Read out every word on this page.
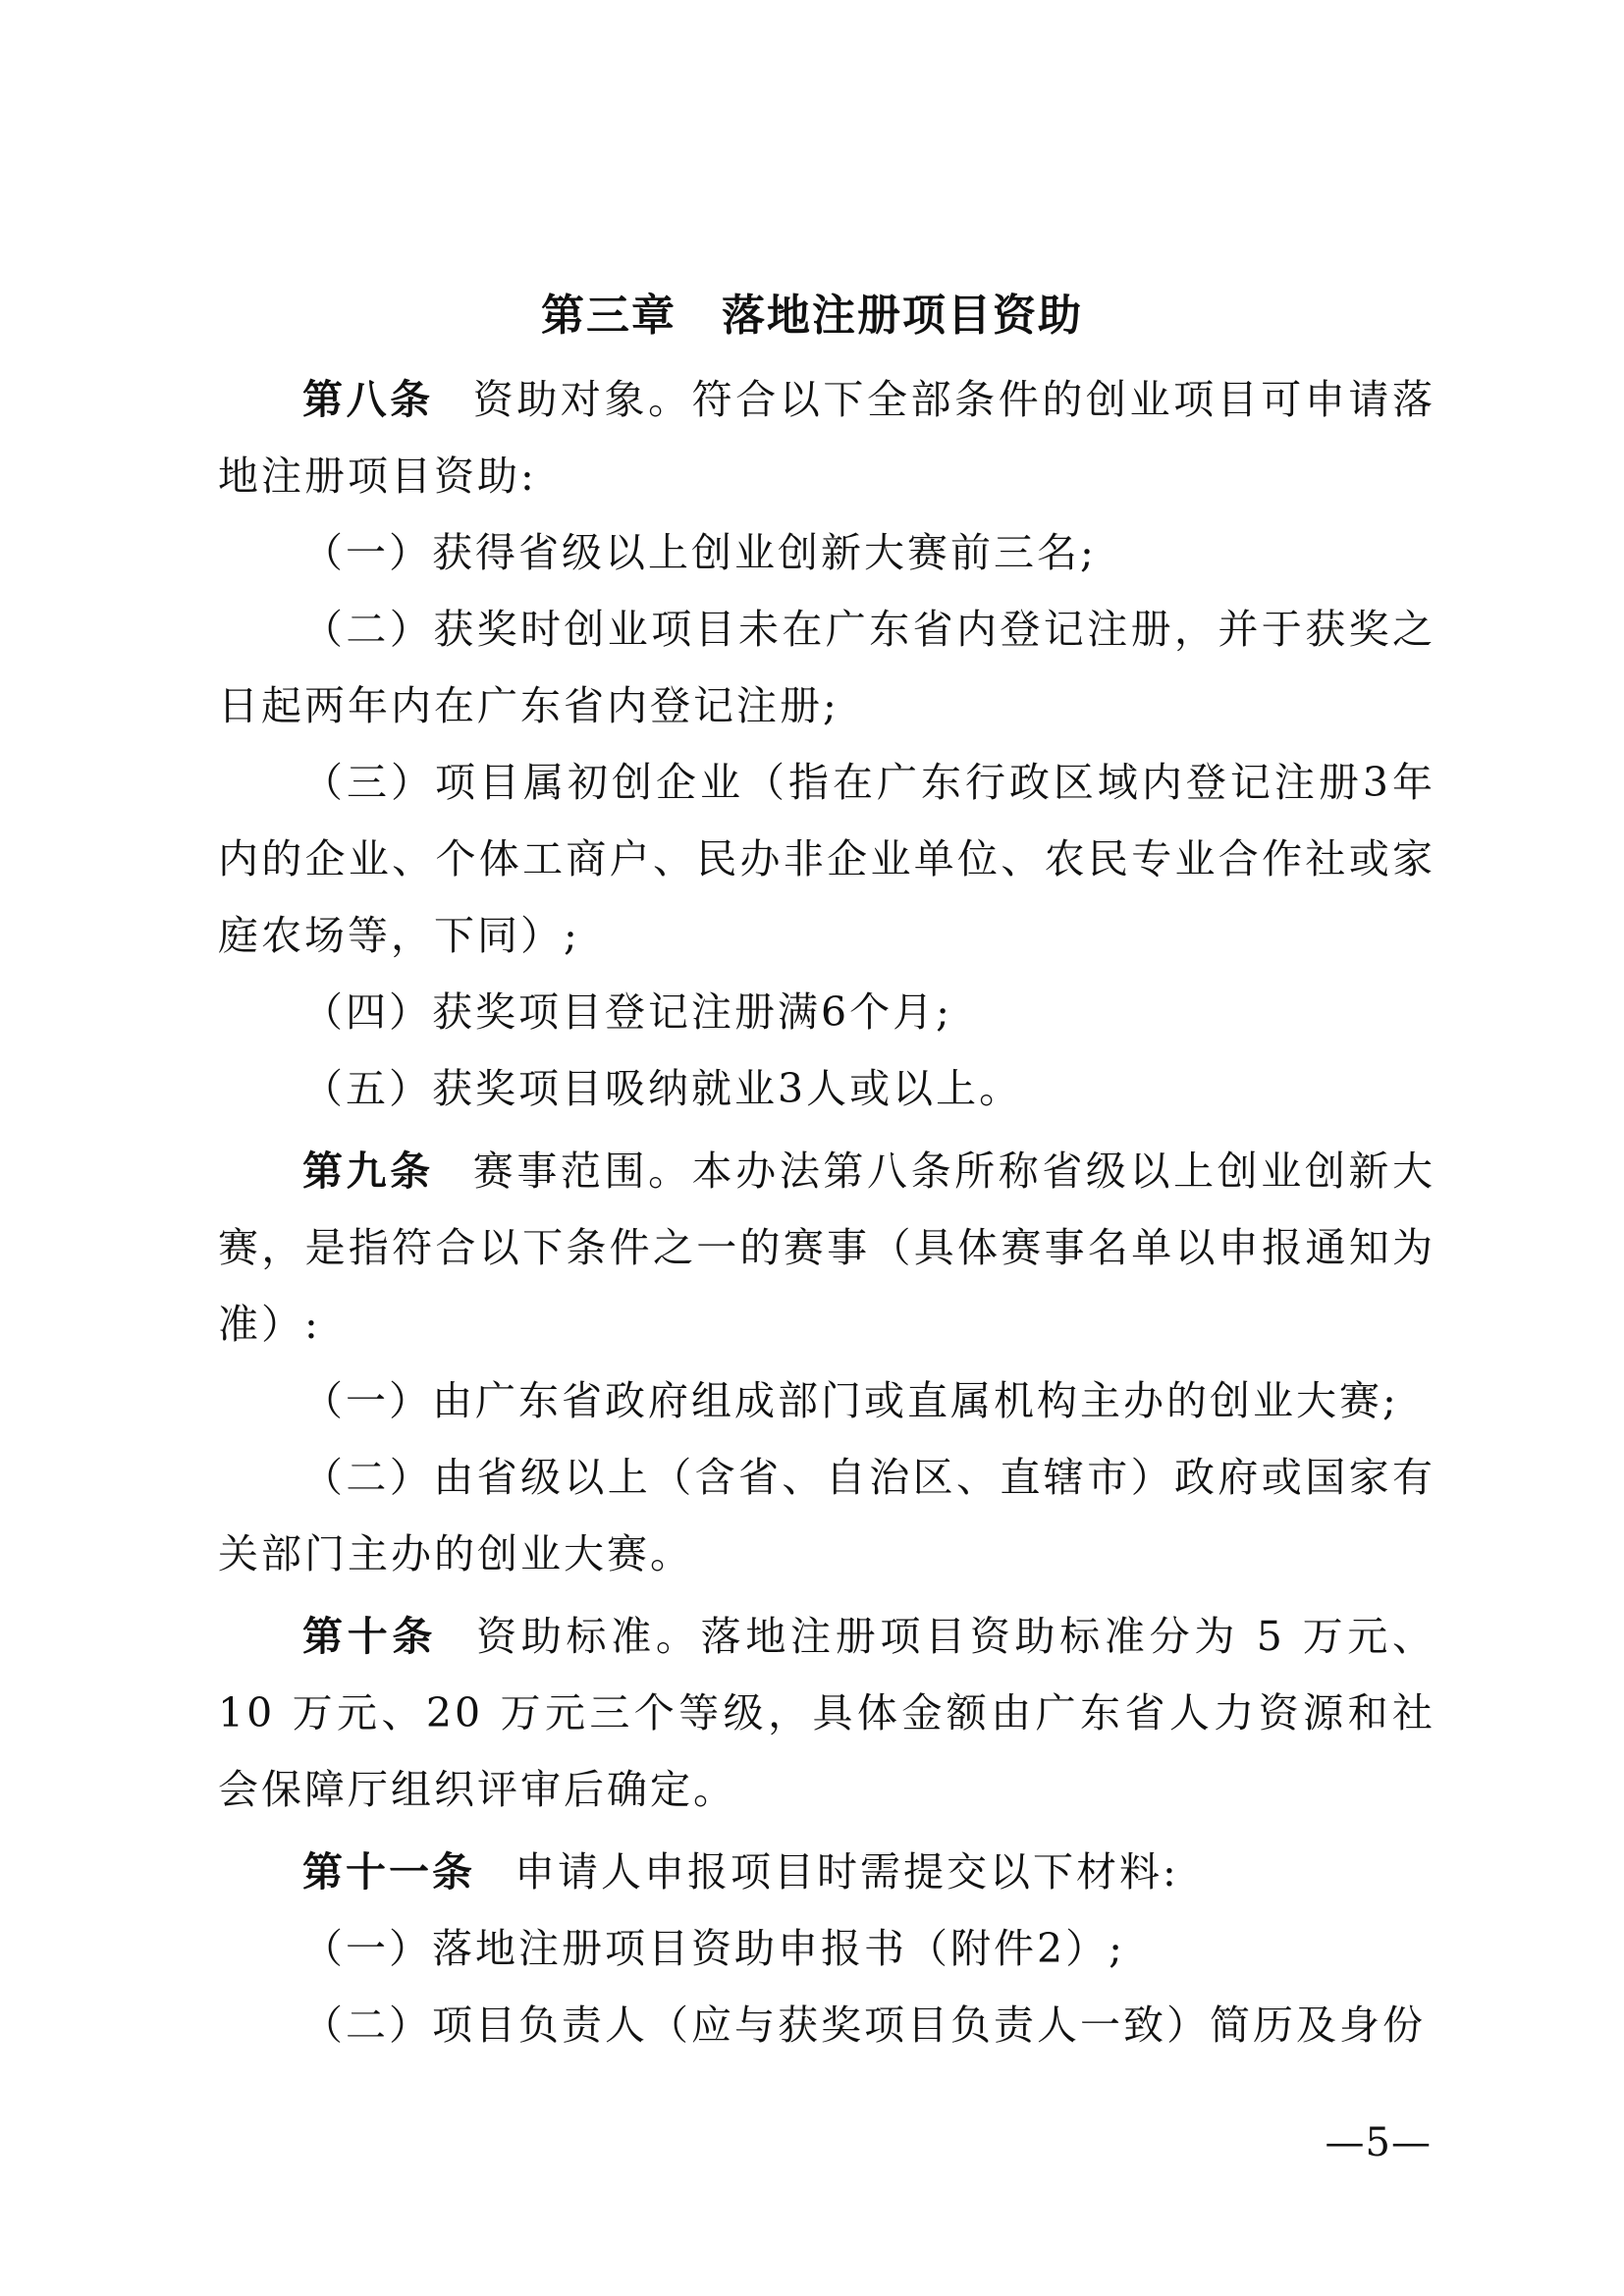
第三章　落地注册项目资助

第八条 资助对象。符合以下全部条件的创业项目可申请落地注册项目资助:

（一）获得省级以上创业创新大赛前三名;

（二）获奖时创业项目未在广东省内登记注册，并于获奖之日起两年内在广东省内登记注册;

（三）项目属初创企业（指在广东行政区域内登记注册3年内的企业、个体工商户、民办非企业单位、农民专业合作社或家庭农场等，下同）;

（四）获奖项目登记注册满6个月;

（五）获奖项目吸纳就业3人或以上。

第九条 赛事范围。本办法第八条所称省级以上创业创新大赛，是指符合以下条件之一的赛事（具体赛事名单以申报通知为准）:

（一）由广东省政府组成部门或直属机构主办的创业大赛;

（二）由省级以上（含省、自治区、直辖市）政府或国家有关部门主办的创业大赛。

第十条 资助标准。落地注册项目资助标准分为 5 万元、10 万元、20 万元三个等级，具体金额由广东省人力资源和社会保障厅组织评审后确定。

第十一条 申请人申报项目时需提交以下材料:

（一）落地注册项目资助申报书（附件2）;

（二）项目负责人（应与获奖项目负责人一致）简历及身份

—5—
